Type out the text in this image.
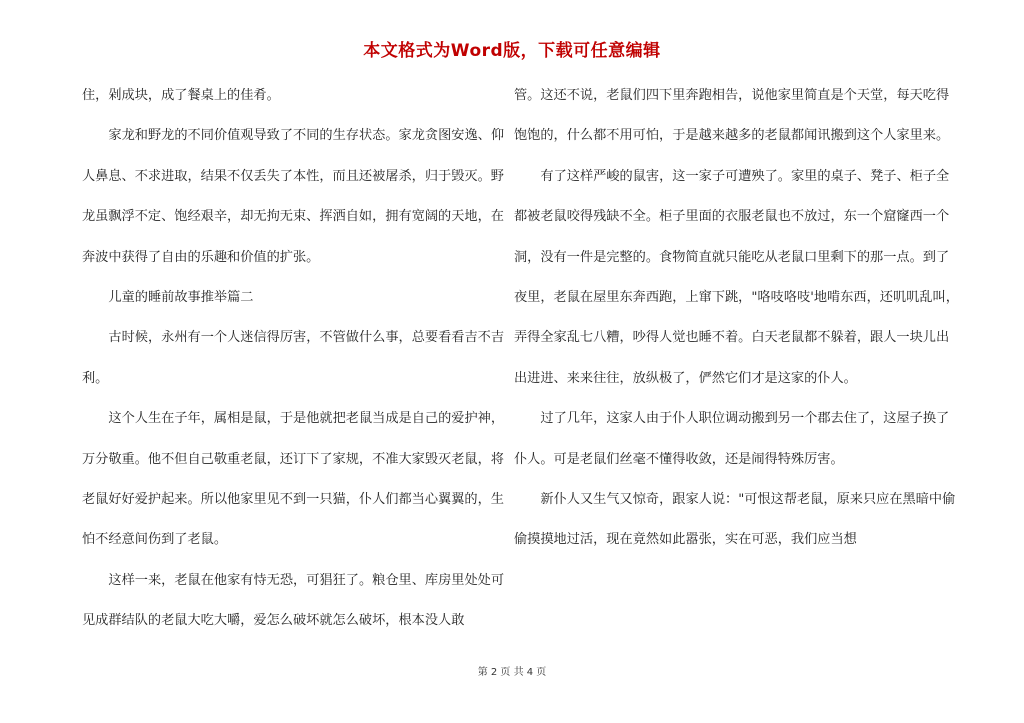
本文格式为Word版，下载可任意编辑

住，剁成块，成了餐桌上的佳肴。

家龙和野龙的不同价值观导致了不同的生存状态。家龙贪图安逸、仰人鼻息、不求进取，结果不仅丢失了本性，而且还被屠杀，归于毁灭。野龙虽飘浮不定、饱经艰辛，却无拘无束、挥洒自如，拥有宽阔的天地，在奔波中获得了自由的乐趣和价值的扩张。

儿童的睡前故事推举篇二

古时候，永州有一个人迷信得厉害，不管做什么事，总要看看吉不吉利。

这个人生在子年，属相是鼠，于是他就把老鼠当成是自己的爱护神，万分敬重。他不但自己敬重老鼠，还订下了家规，不准大家毁灭老鼠，将老鼠好好爱护起来。所以他家里见不到一只猫，仆人们都当心翼翼的，生怕不经意间伤到了老鼠。

这样一来，老鼠在他家有恃无恐，可猖狂了。粮仓里、库房里处处可见成群结队的老鼠大吃大嚼，爱怎么破坏就怎么破坏，根本没人敢

管。这还不说，老鼠们四下里奔跑相告，说他家里简直是个天堂，每天吃得饱饱的，什么都不用可怕，于是越来越多的老鼠都闻讯搬到这个人家里来。

有了这样严峻的鼠害，这一家子可遭殃了。家里的桌子、凳子、柜子全都被老鼠咬得残缺不全。柜子里面的衣服老鼠也不放过，东一个窟窿西一个洞，没有一件是完整的。食物简直就只能吃从老鼠口里剩下的那一点。到了夜里，老鼠在屋里东奔西跑，上窜下跳，"咯吱咯吱'地啃东西，还叽叽乱叫，弄得全家乱七八糟，吵得人觉也睡不着。白天老鼠都不躲着，跟人一块儿出出进进、来来往往，放纵极了，俨然它们才是这家的仆人。

过了几年，这家人由于仆人职位调动搬到另一个郡去住了，这屋子换了仆人。可是老鼠们丝毫不懂得收敛，还是闹得特殊厉害。

新仆人又生气又惊奇，跟家人说："可恨这帮老鼠，原来只应在黑暗中偷偷摸摸地过活，现在竟然如此嚣张，实在可恶，我们应当想

第 2 页 共 4 页
